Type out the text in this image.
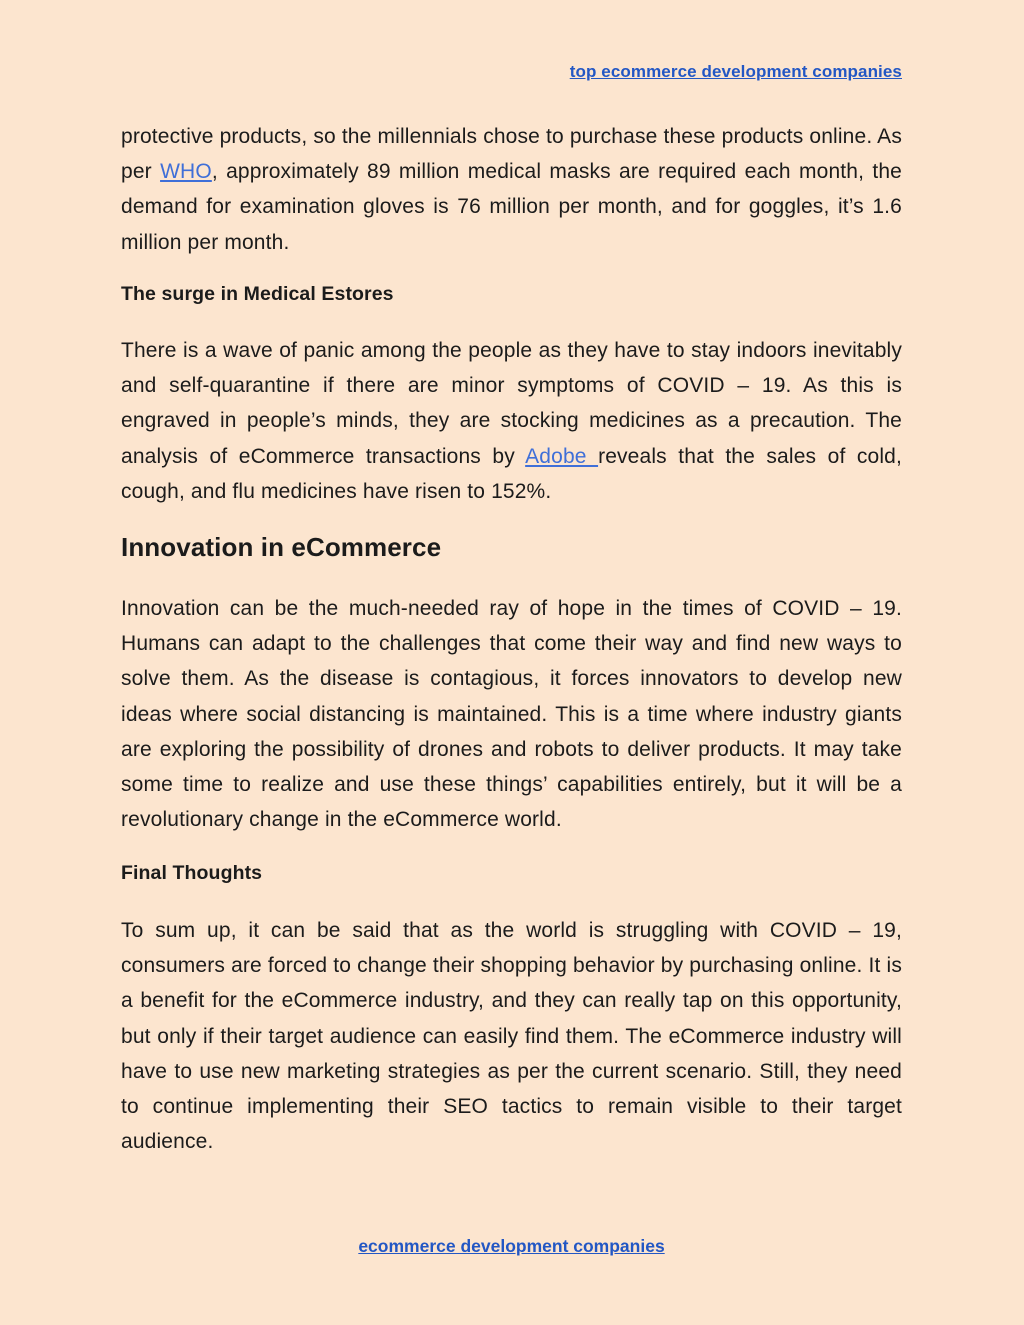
top ecommerce development companies

protective products, so the millennials chose to purchase these products online. As per WHO, approximately 89 million medical masks are required each month, the demand for examination gloves is 76 million per month, and for goggles, it’s 1.6 million per month.

The surge in Medical Estores

There is a wave of panic among the people as they have to stay indoors inevitably and self-quarantine if there are minor symptoms of COVID – 19. As this is engraved in people’s minds, they are stocking medicines as a precaution. The analysis of eCommerce transactions by Adobe reveals that the sales of cold, cough, and flu medicines have risen to 152%.

Innovation in eCommerce

Innovation can be the much-needed ray of hope in the times of COVID – 19. Humans can adapt to the challenges that come their way and find new ways to solve them. As the disease is contagious, it forces innovators to develop new ideas where social distancing is maintained. This is a time where industry giants are exploring the possibility of drones and robots to deliver products. It may take some time to realize and use these things’ capabilities entirely, but it will be a revolutionary change in the eCommerce world.

Final Thoughts

To sum up, it can be said that as the world is struggling with COVID – 19, consumers are forced to change their shopping behavior by purchasing online. It is a benefit for the eCommerce industry, and they can really tap on this opportunity, but only if their target audience can easily find them. The eCommerce industry will have to use new marketing strategies as per the current scenario. Still, they need to continue implementing their SEO tactics to remain visible to their target audience.

ecommerce development companies
